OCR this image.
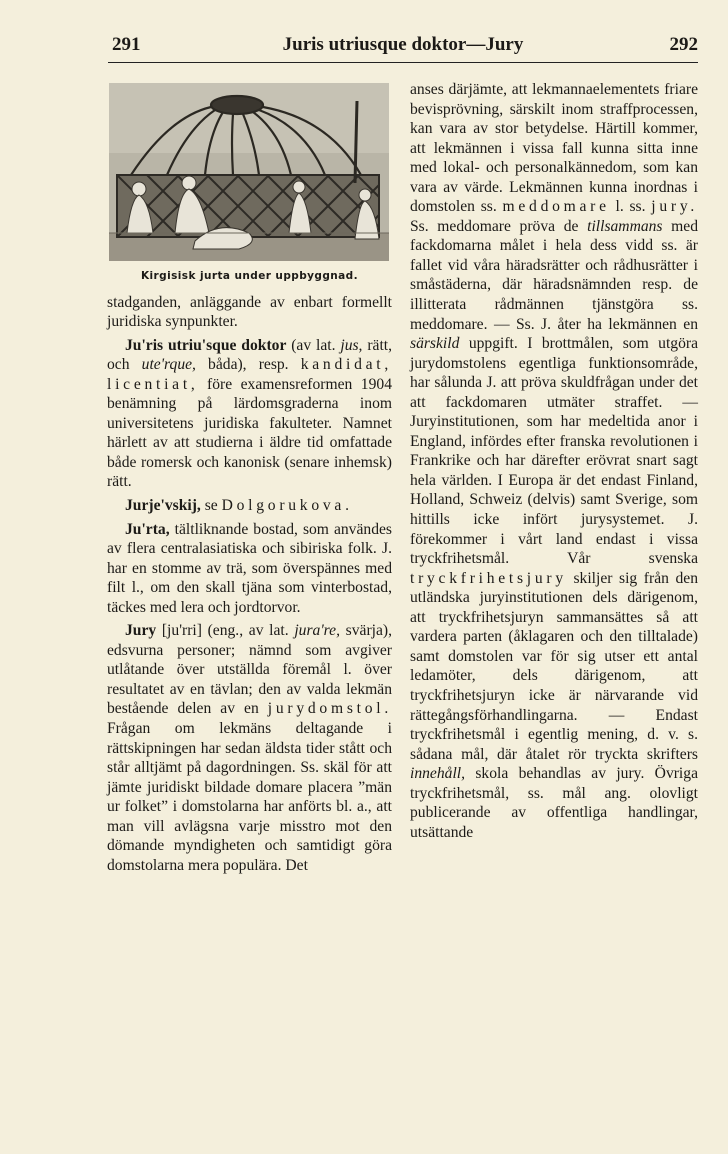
291	Juris utriusque doktor—Jury	292
Kirgisisk jurta under uppbyggnad.

stadganden, anläggande av enbart formellt juridiska synpunkter.

Ju'ris utriu'sque doktor (av lat. jus, rätt, och ute'rque, båda), resp. kandidat, licentiat, före examensreformen 1904 benämning på lärdomsgraderna inom universitetens juridiska fakulteter. Namnet härlett av att studierna i äldre tid omfattade både romersk och kanonisk (senare inhemsk) rätt.

Jurje'vskij, se Dolgorukova.

Ju'rta, tältliknande bostad, som användes av flera centralasiatiska och sibiriska folk. J. har en stomme av trä, som överspännes med filt l., om den skall tjäna som vinterbostad, täckes med lera och jordtorvor.

Jury [ju'rri] (eng., av lat. jura're, svärja), edsvurna personer; nämnd som avgiver utlåtande över utställda föremål l. över resultatet av en tävlan; den av valda lekmän bestående delen av en jurydomstol. Frågan om lekmäns deltagande i rättskipningen har sedan äldsta tider stått och står alltjämt på dagordningen. Ss. skäl för att jämte juridiskt bildade domare placera ”män ur folket” i domstolarna har anförts bl. a., att man vill avlägsna varje misstro mot den dömande myndigheten och samtidigt göra domstolarna mera populära. Det

anses därjämte, att lekmannaelementets friare bevisprövning, särskilt inom straffprocessen, kan vara av stor betydelse. Härtill kommer, att lekmännen i vissa fall kunna sitta inne med lokal- och personalkännedom, som kan vara av värde. Lekmännen kunna inordnas i domstolen ss. meddomare l. ss. jury. Ss. meddomare pröva de tillsammans med fackdomarna målet i hela dess vidd ss. är fallet vid våra häradsrätter och rådhusrätter i småstäderna, där häradsnämnden resp. de illitterata rådmännen tjänstgöra ss. meddomare. — Ss. J. åter ha lekmännen en särskild uppgift. I brottmålen, som utgöra jurydomstolens egentliga funktionsområde, har sålunda J. att pröva skuldfrågan under det att fackdomaren utmäter straffet. — Juryinstitutionen, som har medeltida anor i England, infördes efter franska revolutionen i Frankrike och har därefter erövrat snart sagt hela världen. I Europa är det endast Finland, Holland, Schweiz (delvis) samt Sverige, som hittills icke infört jurysystemet. J. förekommer i vårt land endast i vissa tryckfrihetsmål. Vår svenska tryckfrihetsjury skiljer sig från den utländska juryinstitutionen dels därigenom, att tryckfrihetsjuryn sammansättes så att vardera parten (åklagaren och den tilltalade) samt domstolen var för sig utser ett antal ledamöter, dels därigenom, att tryckfrihetsjuryn icke är närvarande vid rättegångsförhandlingarna. — Endast tryckfrihetsmål i egentlig mening, d. v. s. sådana mål, där åtalet rör tryckta skrifters innehåll, skola behandlas av jury. Övriga tryckfrihetsmål, ss. mål ang. olovligt publicerande av offentliga handlingar, utsättande
